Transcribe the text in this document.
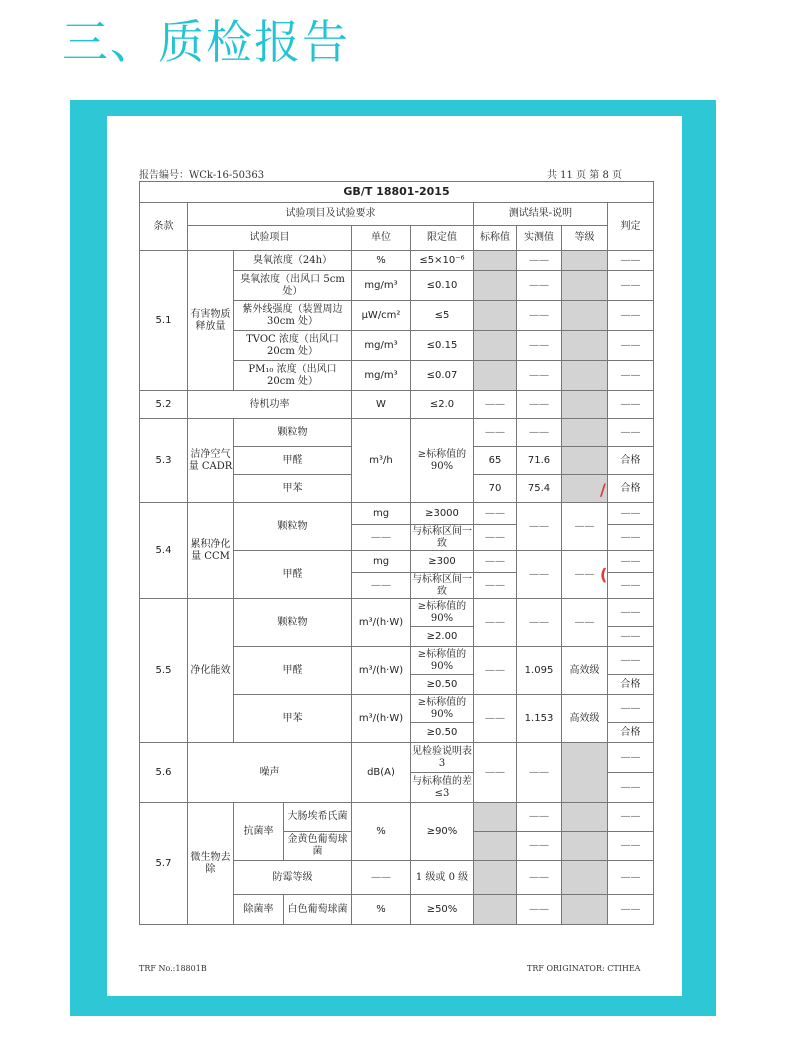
三、质检报告
报告编号：WCk-16-50363	共 11 页 第 8 页
GB/T 18801-2015									
条款	试验项目及试验要求					测试结果-说明			判定
	试验项目			单位	限定值	标称值	实测值	等级	
5.1	有害物质释放量	臭氧浓度（24h）		%	≤5×10⁻⁶		——		——
		臭氧浓度（出风口 5cm 处）		mg/m³	≤0.10		——		——
		紫外线强度（装置周边 30cm 处）		μW/cm²	≤5		——		——
		TVOC 浓度（出风口 20cm 处）		mg/m³	≤0.15		——		——
		PM₁₀ 浓度（出风口 20cm 处）		mg/m³	≤0.07		——		——
5.2	待机功率			W	≤2.0	——	——		——
5.3	洁净空气量 CADR	颗粒物		m³/h	≥标称值的 90%	——	——		——
		甲醛				65	71.6		合格
		甲苯				70	75.4		合格
5.4	累积净化量 CCM	颗粒物		mg	≥3000	——	——	——	——
				——	与标称区间一致	——			——
		甲醛		mg	≥300	——	——	——	——
				——	与标称区间一致	——			——
5.5	净化能效	颗粒物		m³/(h·W)	≥标称值的 90%	——	——	——	——
					≥2.00				——
		甲醛		m³/(h·W)	≥标称值的 90%	——	1.095	高效级	——
					≥0.50				合格
		甲苯		m³/(h·W)	≥标称值的 90%	——	1.153	高效级	——
					≥0.50				合格
5.6	噪声			dB(A)	见检验说明表 3	——	——		——
					与标称值的差≤3				——
5.7	微生物去除	抗菌率	大肠埃希氏菌	%	≥90%		——		——
			金黄色葡萄球菌				——		——
		防霉等级		——	1 级或 0 级		——		——
		除菌率	白色葡萄球菌	%	≥50%		——		——
TRF No.:18801B	TRF ORIGINATOR: CTIHEA
/
(
